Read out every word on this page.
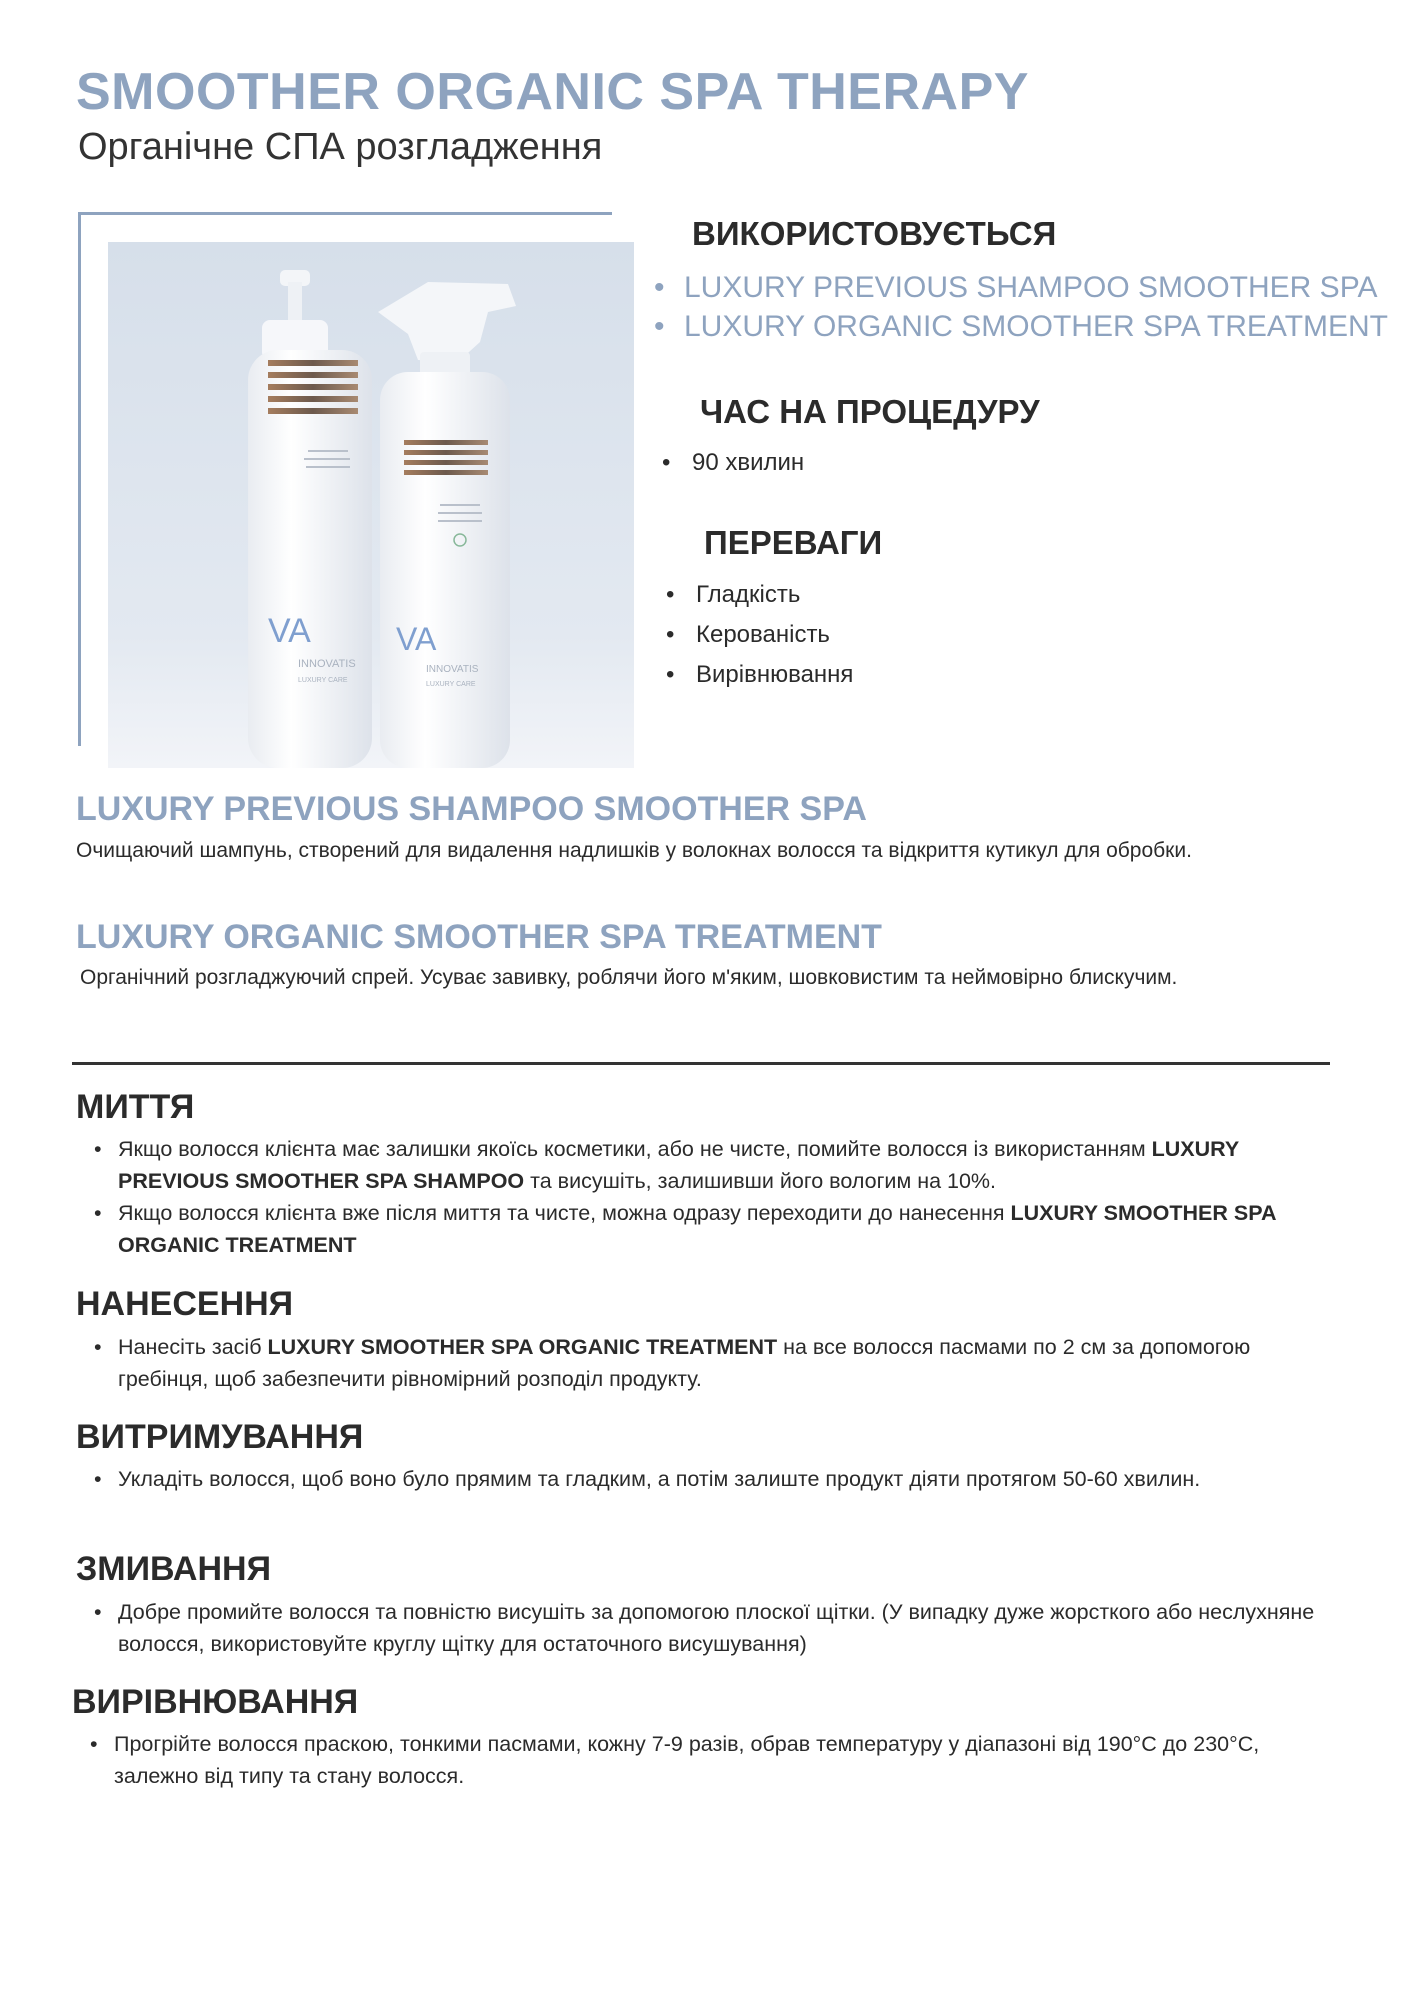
SMOOTHER ORGANIC SPA THERAPY
Органічне СПА розгладження
VA
INNOVATIS
LUXURY CARE
VA
INNOVATIS
LUXURY CARE
ВИКОРИСТОВУЄТЬСЯ
• LUXURY PREVIOUS SHAMPOO SMOOTHER SPA
• LUXURY ORGANIC SMOOTHER SPA TREATMENT
ЧАС НА ПРОЦЕДУРУ
• 90 хвилин
ПЕРЕВАГИ
• Гладкість
• Керованість
• Вирівнювання
LUXURY PREVIOUS SHAMPOO SMOOTHER SPA
Очищаючий шампунь, створений для видалення надлишків у волокнах волосся та відкриття кутикул для обробки.
LUXURY ORGANIC SMOOTHER SPA TREATMENT
Органічний розгладжуючий спрей. Усуває завивку, роблячи його м'яким, шовковистим та неймовірно блискучим.
МИТТЯ
• Якщо волосся клієнта має залишки якоїсь косметики, або не чисте, помийте волосся із використанням LUXURY PREVIOUS SMOOTHER SPA SHAMPOO та висушіть, залишивши його вологим на 10%.
• Якщо волосся клієнта вже після миття та чисте, можна одразу переходити до нанесення LUXURY SMOOTHER SPA ORGANIC TREATMENT
НАНЕСЕННЯ
• Нанесіть засіб LUXURY SMOOTHER SPA ORGANIC TREATMENT на все волосся пасмами по 2 см за допомогою гребінця, щоб забезпечити рівномірний розподіл продукту.
ВИТРИМУВАННЯ
• Укладіть волосся, щоб воно було прямим та гладким, а потім залиште продукт діяти протягом 50-60 хвилин.
ЗМИВАННЯ
• Добре промийте волосся та повністю висушіть за допомогою плоскої щітки. (У випадку дуже жорсткого або неслухняне волосся, використовуйте круглу щітку для остаточного висушування)
ВИРІВНЮВАННЯ
• Прогрійте волосся праскою, тонкими пасмами, кожну 7-9 разів, обрав температуру у діапазоні від 190°C до 230°C, залежно від типу та стану волосся.
